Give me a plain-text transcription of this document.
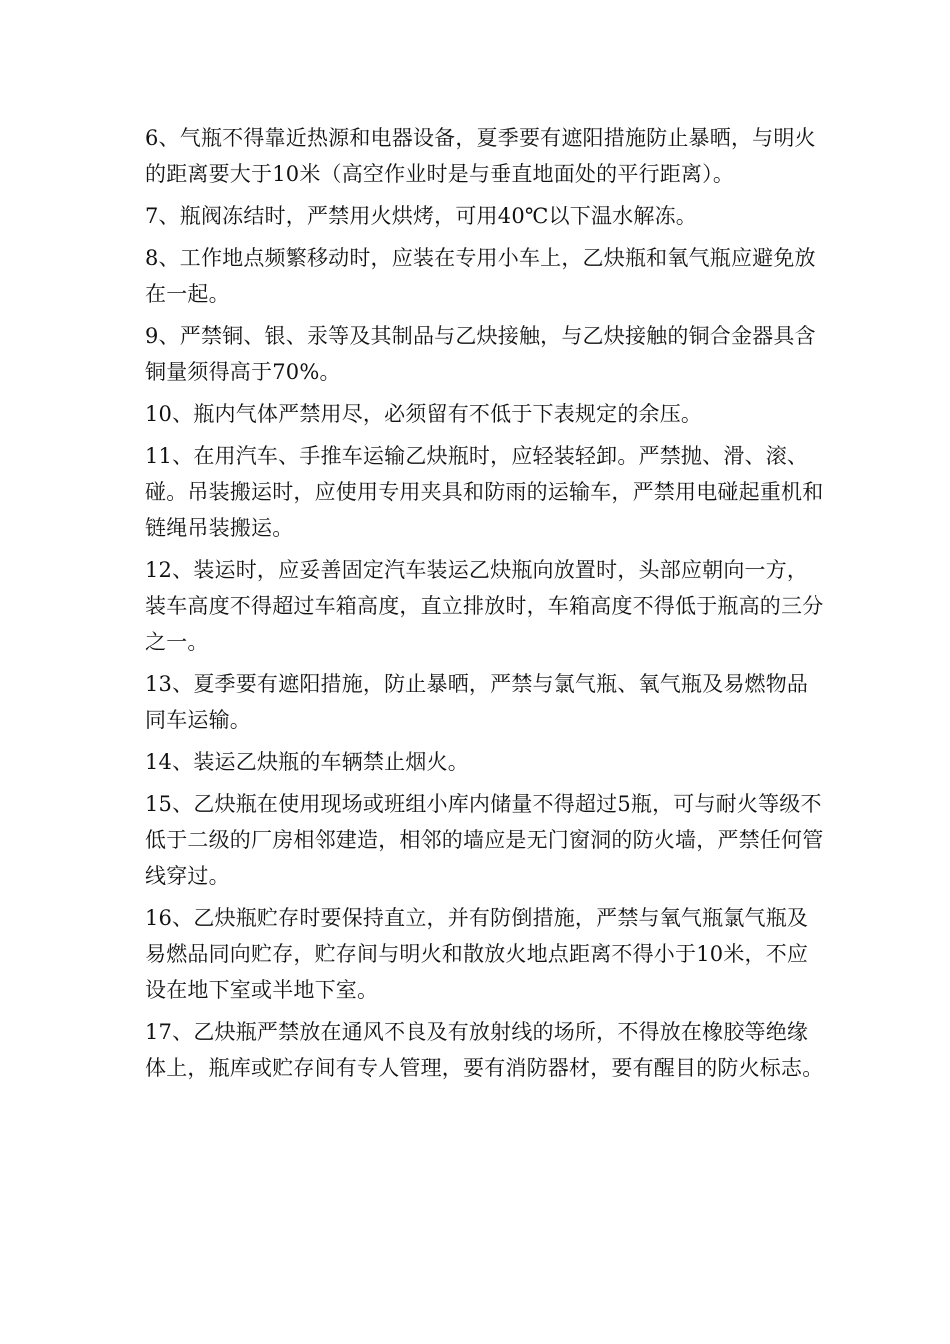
6、气瓶不得靠近热源和电器设备，夏季要有遮阳措施防止暴晒，与明火的距离要大于10米（高空作业时是与垂直地面处的平行距离）。

7、瓶阀冻结时，严禁用火烘烤，可用40℃以下温水解冻。

8、工作地点频繁移动时，应装在专用小车上，乙炔瓶和氧气瓶应避免放在一起。

9、严禁铜、银、汞等及其制品与乙炔接触，与乙炔接触的铜合金器具含铜量须得高于70%。

10、瓶内气体严禁用尽，必须留有不低于下表规定的余压。

11、在用汽车、手推车运输乙炔瓶时，应轻装轻卸。严禁抛、滑、滚、碰。吊装搬运时，应使用专用夹具和防雨的运输车，严禁用电碰起重机和链绳吊装搬运。

12、装运时，应妥善固定汽车装运乙炔瓶向放置时，头部应朝向一方，装车高度不得超过车箱高度，直立排放时，车箱高度不得低于瓶高的三分之一。

13、夏季要有遮阳措施，防止暴晒，严禁与氯气瓶、氧气瓶及易燃物品同车运输。

14、装运乙炔瓶的车辆禁止烟火。

15、乙炔瓶在使用现场或班组小库内储量不得超过5瓶，可与耐火等级不低于二级的厂房相邻建造，相邻的墙应是无门窗洞的防火墙，严禁任何管线穿过。

16、乙炔瓶贮存时要保持直立，并有防倒措施，严禁与氧气瓶氯气瓶及易燃品同向贮存，贮存间与明火和散放火地点距离不得小于10米，不应设在地下室或半地下室。

17、乙炔瓶严禁放在通风不良及有放射线的场所，不得放在橡胶等绝缘体上，瓶库或贮存间有专人管理，要有消防器材，要有醒目的防火标志。
